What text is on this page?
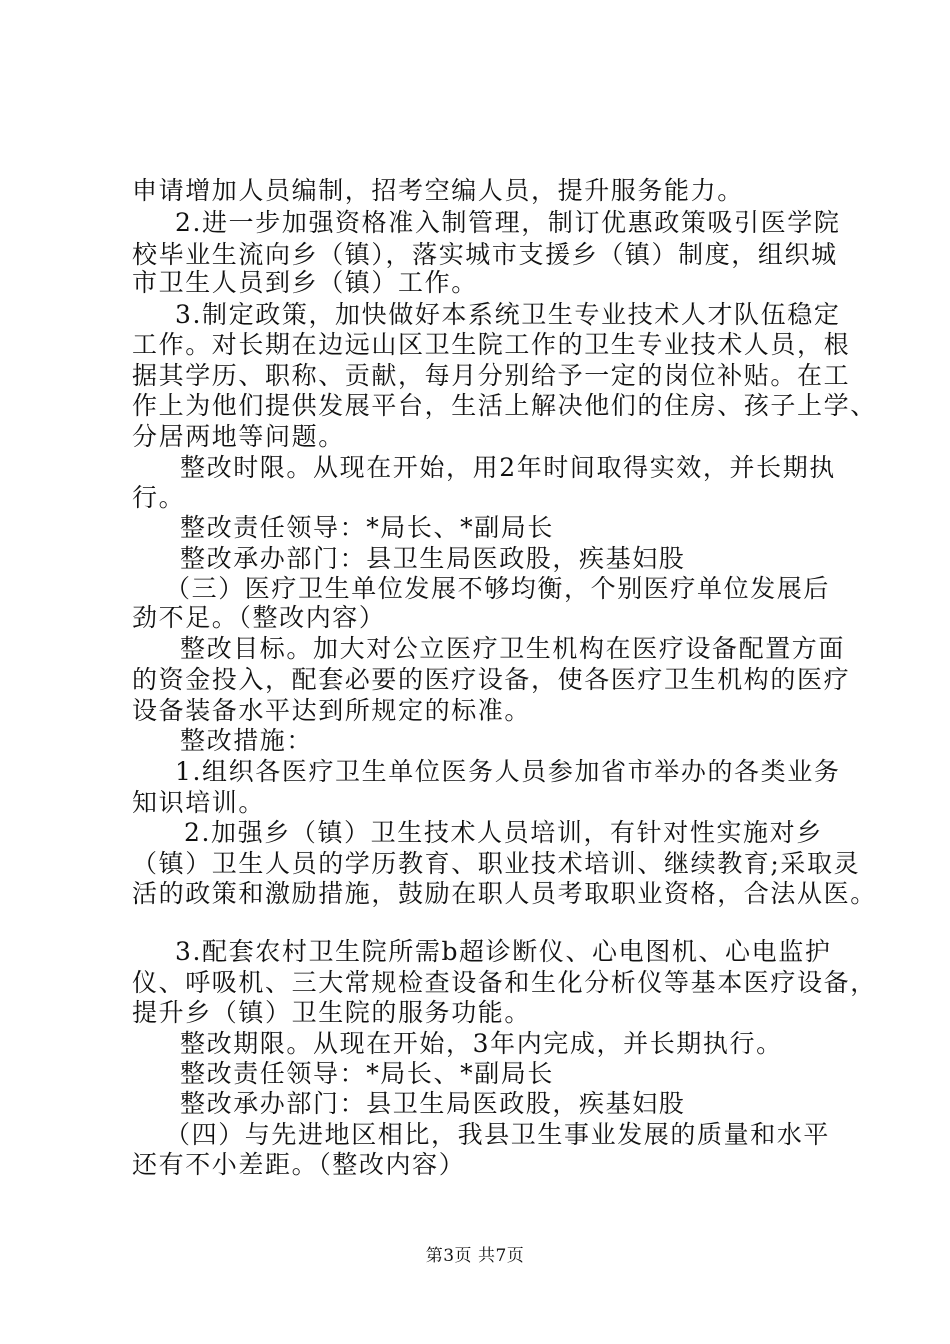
申请增加人员编制，招考空编人员，提升服务能力。
2.进一步加强资格准入制管理，制订优惠政策吸引医学院
校毕业生流向乡（镇），落实城市支援乡（镇）制度，组织城
市卫生人员到乡（镇）工作。
3.制定政策，加快做好本系统卫生专业技术人才队伍稳定
工作。对长期在边远山区卫生院工作的卫生专业技术人员，根
据其学历、职称、贡献，每月分别给予一定的岗位补贴。在工
作上为他们提供发展平台，生活上解决他们的住房、孩子上学、
分居两地等问题。
整改时限。从现在开始，用2年时间取得实效，并长期执
行。
整改责任领导：*局长、*副局长
整改承办部门：县卫生局医政股，疾基妇股
（三）医疗卫生单位发展不够均衡，个别医疗单位发展后
劲不足。（整改内容）
整改目标。加大对公立医疗卫生机构在医疗设备配置方面
的资金投入，配套必要的医疗设备，使各医疗卫生机构的医疗
设备装备水平达到所规定的标准。
整改措施：
1.组织各医疗卫生单位医务人员参加省市举办的各类业务
知识培训。
2.加强乡（镇）卫生技术人员培训，有针对性实施对乡
（镇）卫生人员的学历教育、职业技术培训、继续教育;采取灵
活的政策和激励措施，鼓励在职人员考取职业资格，合法从医。
3.配套农村卫生院所需b超诊断仪、心电图机、心电监护
仪、呼吸机、三大常规检查设备和生化分析仪等基本医疗设备，
提升乡（镇）卫生院的服务功能。
整改期限。从现在开始，3年内完成，并长期执行。
整改责任领导：*局长、*副局长
整改承办部门：县卫生局医政股，疾基妇股
（四）与先进地区相比，我县卫生事业发展的质量和水平
还有不小差距。（整改内容）
第3页 共7页
